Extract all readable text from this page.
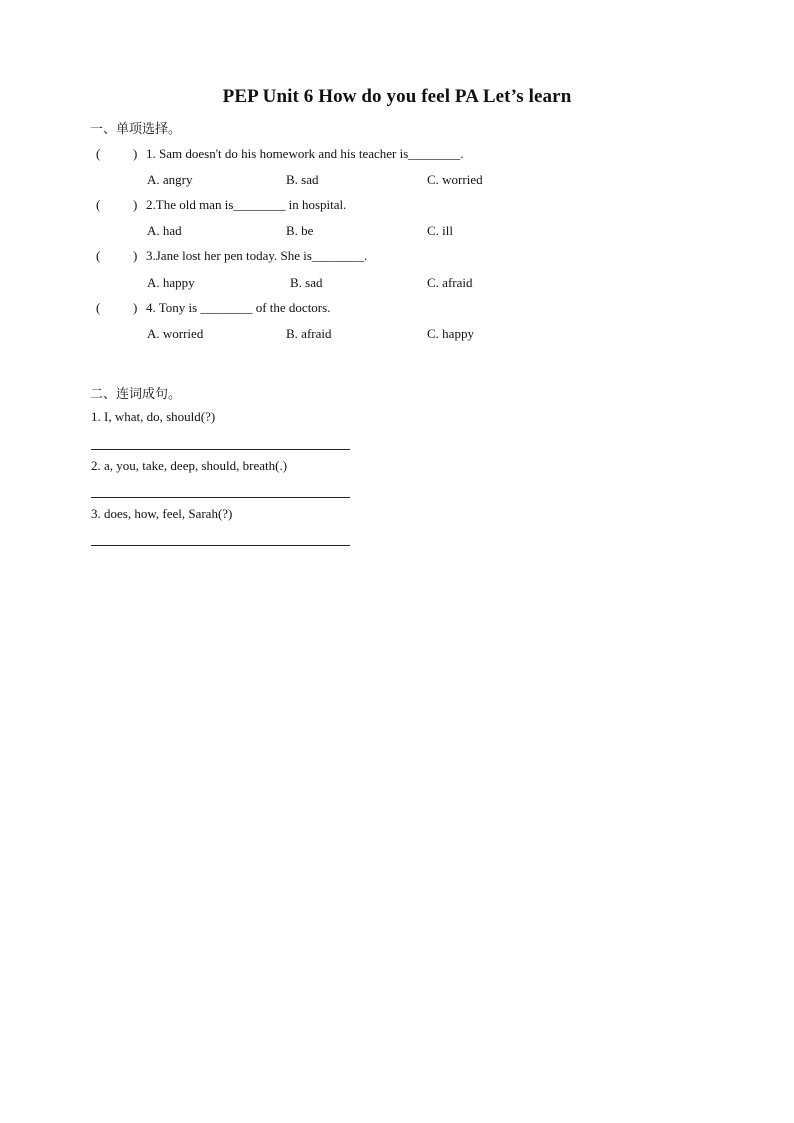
PEP Unit 6 How do you feel PA Let’s learn
一、单项选择。
(	) 1. Sam doesn't do his homework and his teacher is________.
A. angry	B. sad	C. worried
(	) 2.The old man is________ in hospital.
A. had	B. be	C. ill
(	) 3.Jane lost her pen today. She is________.
A. happy	B. sad	C. afraid
(	) 4. Tony is ________ of the doctors.
A. worried	B. afraid	C. happy
二、连词成句。
1. I, what, do, should(?)
2. a, you, take, deep, should, breath(.)
3. does, how, feel, Sarah(?)
